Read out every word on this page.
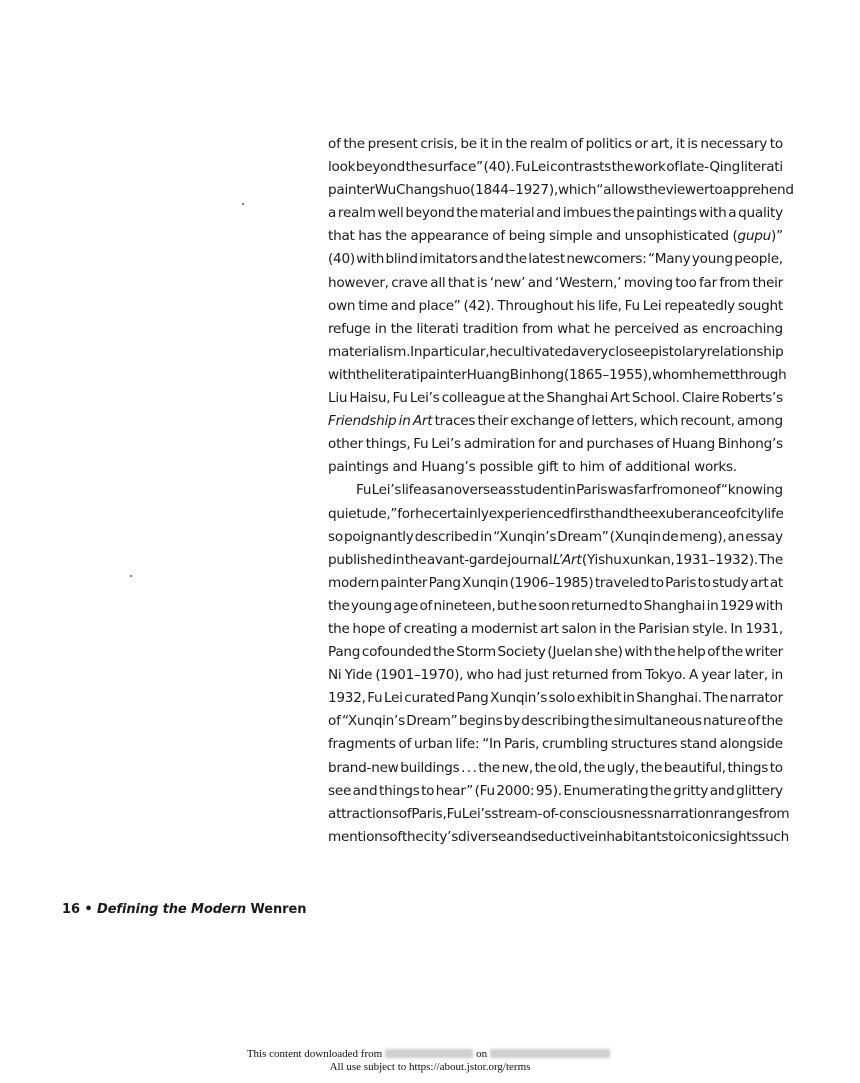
of the present crisis, be it in the realm of politics or art, it is necessary to
look beyond the surface” (40). Fu Lei contrasts the work of late-Qing literati
painter Wu Changshuo (1844–1927), which “allows the viewer to apprehend
a realm well beyond the material and imbues the paintings with a quality
that has the appearance of being simple and unsophisticated (gupu)”
(40) with blind imitators and the latest newcomers: “Many young people,
however, crave all that is ‘new’ and ‘Western,’ moving too far from their
own time and place” (42). Throughout his life, Fu Lei repeatedly sought
refuge in the literati tradition from what he perceived as encroaching
materialism. In particular, he cultivated a very close epistolary relationship
with the literati painter Huang Binhong (1865–1955), whom he met through
Liu Haisu, Fu Lei’s colleague at the Shanghai Art School. Claire Roberts’s
Friendship in Art traces their exchange of letters, which recount, among
other things, Fu Lei’s admiration for and purchases of Huang Binhong’s
paintings and Huang’s possible gift to him of additional works.
Fu Lei’s life as an overseas student in Paris was far from one of “knowing
quietude,” for he certainly experienced firsthand the exuberance of city life
so poignantly described in “Xunqin’s Dream” (Xunqin de meng), an essay
published in the avant-garde journal L’Art (Yishu xunkan, 1931–1932). The
modern painter Pang Xunqin (1906–1985) traveled to Paris to study art at
the young age of nineteen, but he soon returned to Shanghai in 1929 with
the hope of creating a modernist art salon in the Parisian style. In 1931,
Pang cofounded the Storm Society (Juelan she) with the help of the writer
Ni Yide (1901–1970), who had just returned from Tokyo. A year later, in
1932, Fu Lei curated Pang Xunqin’s solo exhibit in Shanghai. The narrator
of “Xunqin’s Dream” begins by describing the simultaneous nature of the
fragments of urban life: “In Paris, crumbling structures stand alongside
brand-new buildings . . . the new, the old, the ugly, the beautiful, things to
see and things to hear” (Fu 2000: 95). Enumerating the gritty and glittery
attractions of Paris, Fu Lei’s stream-of-consciousness narration ranges from
mentions of the city’s diverse and seductive inhabitants to iconic sights such
16 • Defining the Modern Wenren
This content downloaded from	on
All use subject to https://about.jstor.org/terms
